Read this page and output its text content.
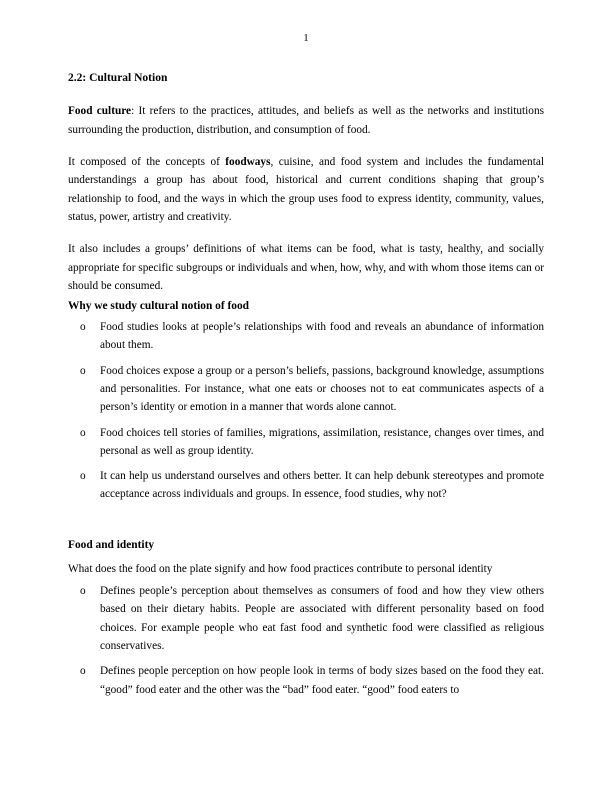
1
2.2: Cultural Notion

Food culture: It refers to the practices, attitudes, and beliefs as well as the networks and institutions surrounding the production, distribution, and consumption of food.

It composed of the concepts of foodways, cuisine, and food system and includes the fundamental understandings a group has about food, historical and current conditions shaping that group’s relationship to food, and the ways in which the group uses food to express identity, community, values, status, power, artistry and creativity.

It also includes a groups’ definitions of what items can be food, what is tasty, healthy, and socially appropriate for specific subgroups or individuals and when, how, why, and with whom those items can or should be consumed.

Why we study cultural notion of food
o Food studies looks at people’s relationships with food and reveals an abundance of information about them.
o Food choices expose a group or a person’s beliefs, passions, background knowledge, assumptions and personalities. For instance, what one eats or chooses not to eat communicates aspects of a person’s identity or emotion in a manner that words alone cannot.
o Food choices tell stories of families, migrations, assimilation, resistance, changes over times, and personal as well as group identity.
o It can help us understand ourselves and others better. It can help debunk stereotypes and promote acceptance across individuals and groups. In essence, food studies, why not?
Food and identity

What does the food on the plate signify and how food practices contribute to personal identity

o Defines people’s perception about themselves as consumers of food and how they view others based on their dietary habits. People are associated with different personality based on food choices. For example people who eat fast food and synthetic food were classified as religious conservatives.
o Defines people perception on how people look in terms of body sizes based on the food they eat. “good” food eater and the other was the “bad” food eater. “good” food eaters to
